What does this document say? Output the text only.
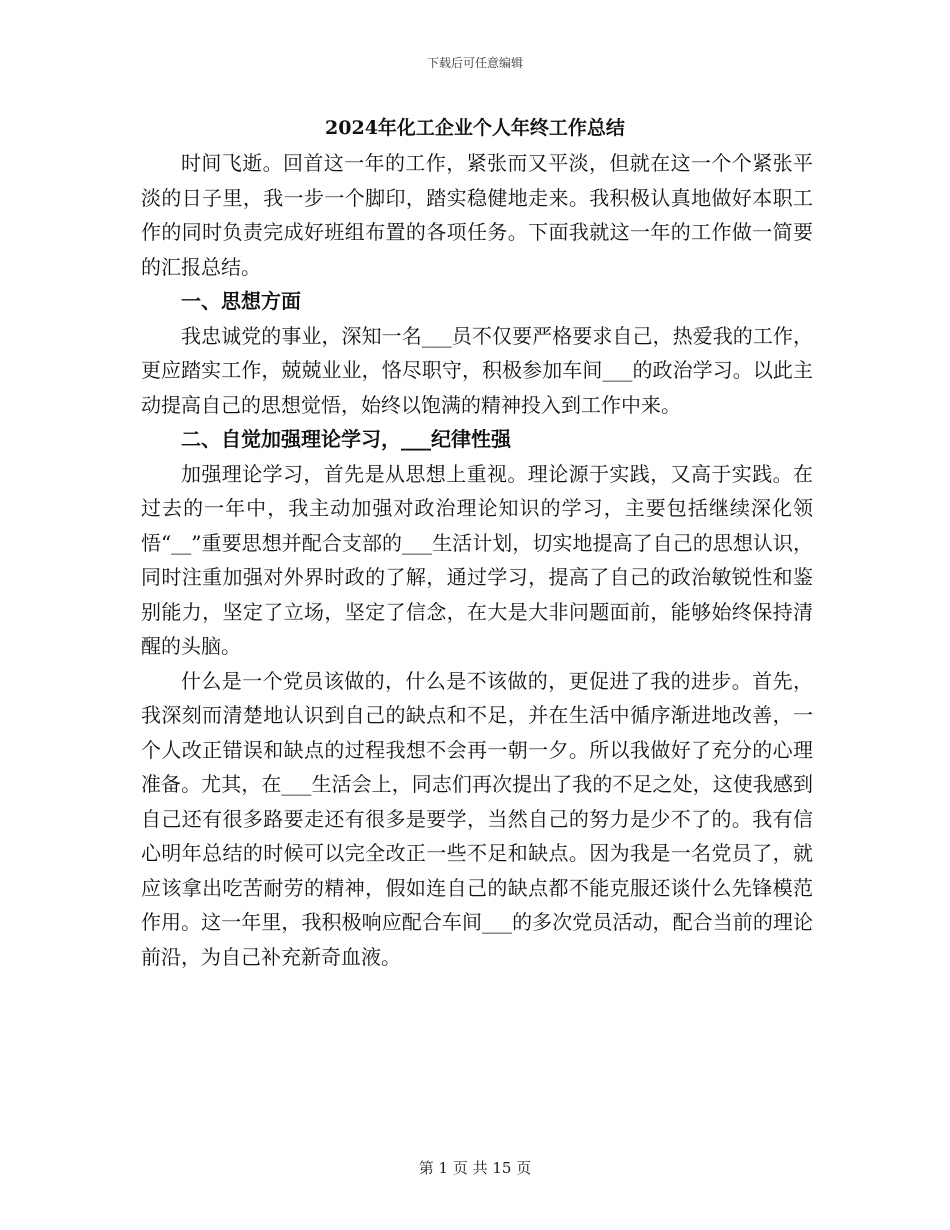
下载后可任意编辑
2024年化工企业个人年终工作总结

时间飞逝。回首这一年的工作，紧张而又平淡，但就在这一个个紧张平淡的日子里，我一步一个脚印，踏实稳健地走来。我积极认真地做好本职工作的同时负责完成好班组布置的各项任务。下面我就这一年的工作做一简要的汇报总结。

一、思想方面

我忠诚党的事业，深知一名___员不仅要严格要求自己，热爱我的工作，更应踏实工作，兢兢业业，恪尽职守，积极参加车间___的政治学习。以此主动提高自己的思想觉悟，始终以饱满的精神投入到工作中来。

二、自觉加强理论学习，___纪律性强

加强理论学习，首先是从思想上重视。理论源于实践，又高于实践。在过去的一年中，我主动加强对政治理论知识的学习，主要包括继续深化领悟“__”重要思想并配合支部的___生活计划，切实地提高了自己的思想认识，同时注重加强对外界时政的了解，通过学习，提高了自己的政治敏锐性和鉴别能力，坚定了立场，坚定了信念，在大是大非问题面前，能够始终保持清醒的头脑。

什么是一个党员该做的，什么是不该做的，更促进了我的进步。首先，我深刻而清楚地认识到自己的缺点和不足，并在生活中循序渐进地改善，一个人改正错误和缺点的过程我想不会再一朝一夕。所以我做好了充分的心理准备。尤其，在___生活会上，同志们再次提出了我的不足之处，这使我感到自己还有很多路要走还有很多是要学，当然自己的努力是少不了的。我有信心明年总结的时候可以完全改正一些不足和缺点。因为我是一名党员了，就应该拿出吃苦耐劳的精神，假如连自己的缺点都不能克服还谈什么先锋模范作用。这一年里，我积极响应配合车间___的多次党员活动，配合当前的理论前沿，为自己补充新奇血液。

第 1 页 共 15 页
